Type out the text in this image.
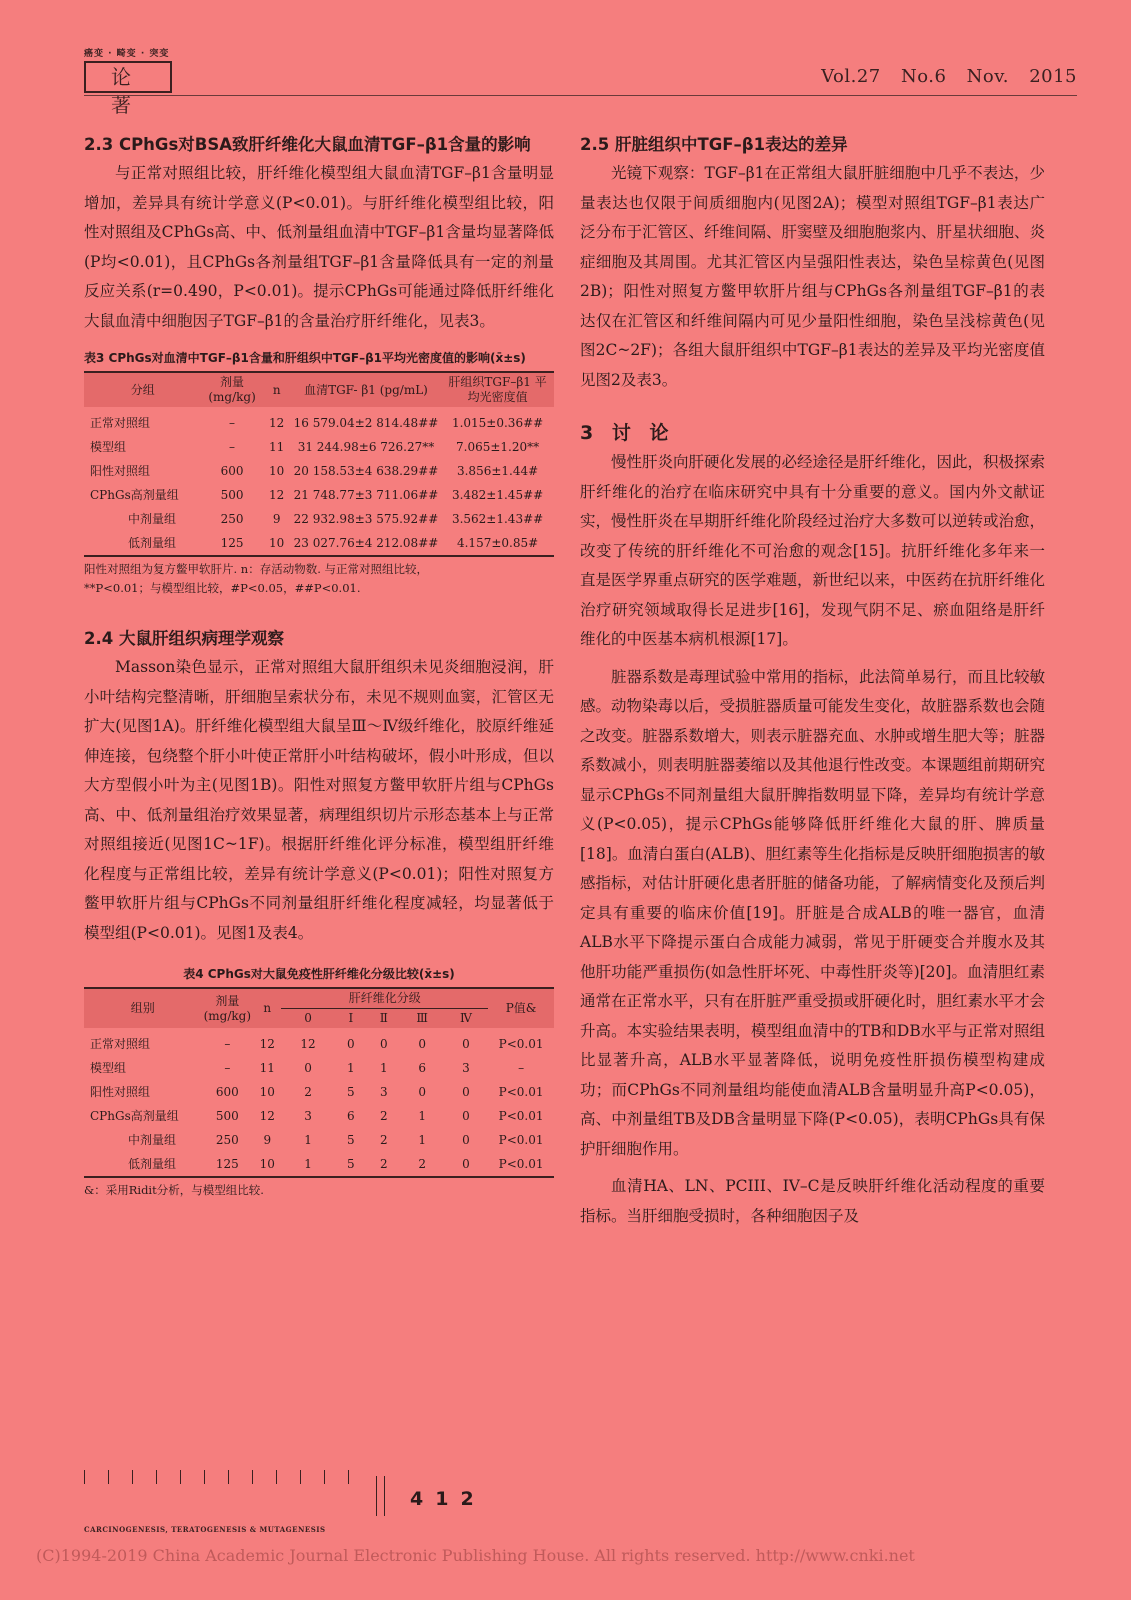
癌变 · 畸变 · 突变
论 著
Vol.27 No.6 Nov. 2015
2.3 CPhGs对BSA致肝纤维化大鼠血清TGF–β1含量的影响

与正常对照组比较，肝纤维化模型组大鼠血清TGF–β1含量明显增加，差异具有统计学意义(P<0.01)。与肝纤维化模型组比较，阳性对照组及CPhGs高、中、低剂量组血清中TGF–β1含量均显著降低(P均<0.01)，且CPhGs各剂量组TGF–β1含量降低具有一定的剂量反应关系(r=0.490，P<0.01)。提示CPhGs可能通过降低肝纤维化大鼠血清中细胞因子TGF–β1的含量治疗肝纤维化，见表3。

表3 CPhGs对血清中TGF–β1含量和肝组织中TGF–β1平均光密度值的影响(x̄±s)
分组	剂量 (mg/kg)	n	血清TGF- β1 (pg/mL)	肝组织TGF–β1 平均光密度值
正常对照组	–	12	16 579.04±2 814.48##	1.015±0.36##
模型组	–	11	31 244.98±6 726.27**	7.065±1.20**
阳性对照组	600	10	20 158.53±4 638.29##	3.856±1.44#
CPhGs高剂量组	500	12	21 748.77±3 711.06##	3.482±1.45##
中剂量组	250	9	22 932.98±3 575.92##	3.562±1.43##
低剂量组	125	10	23 027.76±4 212.08##	4.157±0.85#
阳性对照组为复方鳖甲软肝片. n：存活动物数. 与正常对照组比较，
**P<0.01；与模型组比较，#P<0.05，##P<0.01.
2.4 大鼠肝组织病理学观察

Masson染色显示，正常对照组大鼠肝组织未见炎细胞浸润，肝小叶结构完整清晰，肝细胞呈索状分布，未见不规则血窦，汇管区无扩大(见图1A)。肝纤维化模型组大鼠呈Ⅲ～Ⅳ级纤维化，胶原纤维延伸连接，包绕整个肝小叶使正常肝小叶结构破坏，假小叶形成，但以大方型假小叶为主(见图1B)。阳性对照复方鳖甲软肝片组与CPhGs高、中、低剂量组治疗效果显著，病理组织切片示形态基本上与正常对照组接近(见图1C~1F)。根据肝纤维化评分标准，模型组肝纤维化程度与正常组比较，差异有统计学意义(P<0.01)；阳性对照复方鳖甲软肝片组与CPhGs不同剂量组肝纤维化程度减轻，均显著低于模型组(P<0.01)。见图1及表4。

表4 CPhGs对大鼠免疫性肝纤维化分级比较(x̄±s)
组别	剂量 (mg/kg)	n	肝纤维化分级					P值&
			0	Ⅰ	Ⅱ	Ⅲ	Ⅳ	
正常对照组	–	12	12	0	0	0	0	P<0.01
模型组	–	11	0	1	1	6	3	–
阳性对照组	600	10	2	5	3	0	0	P<0.01
CPhGs高剂量组	500	12	3	6	2	1	0	P<0.01
中剂量组	250	9	1	5	2	1	0	P<0.01
低剂量组	125	10	1	5	2	2	0	P<0.01
&：采用Ridit分析，与模型组比较.
2.5 肝脏组织中TGF–β1表达的差异

光镜下观察：TGF–β1在正常组大鼠肝脏细胞中几乎不表达，少量表达也仅限于间质细胞内(见图2A)；模型对照组TGF–β1表达广泛分布于汇管区、纤维间隔、肝窦壁及细胞胞浆内、肝星状细胞、炎症细胞及其周围。尤其汇管区内呈强阳性表达，染色呈棕黄色(见图2B)；阳性对照复方鳖甲软肝片组与CPhGs各剂量组TGF–β1的表达仅在汇管区和纤维间隔内可见少量阳性细胞，染色呈浅棕黄色(见图2C~2F)；各组大鼠肝组织中TGF–β1表达的差异及平均光密度值见图2及表3。

3 讨 论

慢性肝炎向肝硬化发展的必经途径是肝纤维化，因此，积极探索肝纤维化的治疗在临床研究中具有十分重要的意义。国内外文献证实，慢性肝炎在早期肝纤维化阶段经过治疗大多数可以逆转或治愈，改变了传统的肝纤维化不可治愈的观念[15]。抗肝纤维化多年来一直是医学界重点研究的医学难题，新世纪以来，中医药在抗肝纤维化治疗研究领域取得长足进步[16]，发现气阴不足、瘀血阻络是肝纤维化的中医基本病机根源[17]。

脏器系数是毒理试验中常用的指标，此法简单易行，而且比较敏感。动物染毒以后，受损脏器质量可能发生变化，故脏器系数也会随之改变。脏器系数增大，则表示脏器充血、水肿或增生肥大等；脏器系数减小，则表明脏器萎缩以及其他退行性改变。本课题组前期研究显示CPhGs不同剂量组大鼠肝脾指数明显下降，差异均有统计学意义(P<0.05)，提示CPhGs能够降低肝纤维化大鼠的肝、脾质量[18]。血清白蛋白(ALB)、胆红素等生化指标是反映肝细胞损害的敏感指标，对估计肝硬化患者肝脏的储备功能，了解病情变化及预后判定具有重要的临床价值[19]。肝脏是合成ALB的唯一器官，血清ALB水平下降提示蛋白合成能力减弱，常见于肝硬变合并腹水及其他肝功能严重损伤(如急性肝坏死、中毒性肝炎等)[20]。血清胆红素通常在正常水平，只有在肝脏严重受损或肝硬化时，胆红素水平才会升高。本实验结果表明，模型组血清中的TB和DB水平与正常对照组比显著升高，ALB水平显著降低，说明免疫性肝损伤模型构建成功；而CPhGs不同剂量组均能使血清ALB含量明显升高P<0.05)，高、中剂量组TB及DB含量明显下降(P<0.05)，表明CPhGs具有保护肝细胞作用。

血清HA、LN、PCIII、IV–C是反映肝纤维化活动程度的重要指标。当肝细胞受损时，各种细胞因子及

CARCINOGENESIS, TERATOGENESIS & MUTAGENESIS
412
(C)1994-2019 China Academic Journal Electronic Publishing House. All rights reserved. http://www.cnki.net
